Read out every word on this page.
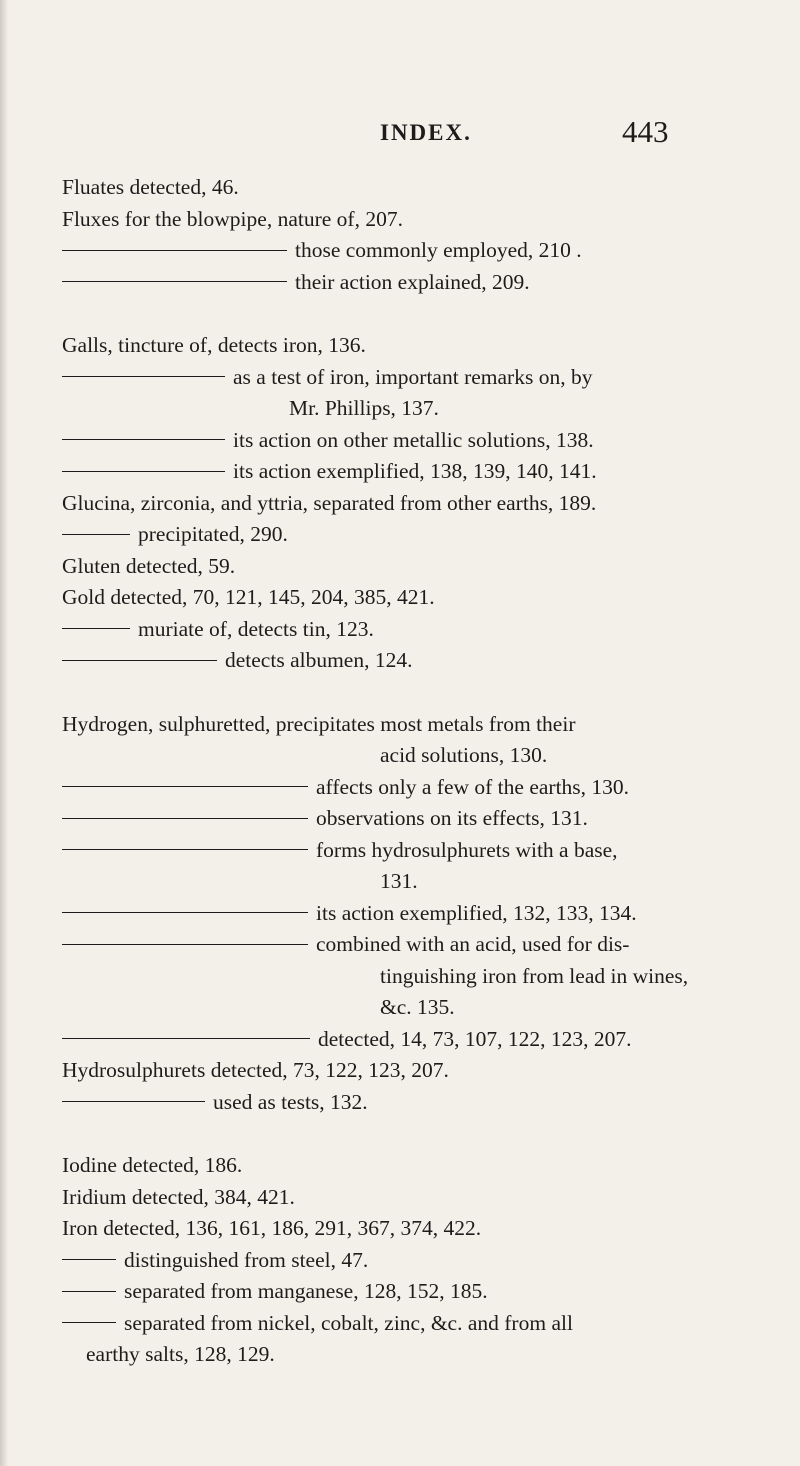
INDEX.	443
Fluates detected, 46.
Fluxes for the blowpipe, nature of, 207.
those commonly employed, 210 .
their action explained, 209.
Galls, tincture of, detects iron, 136.
as a test of iron, important remarks on, by
Mr. Phillips, 137.
its action on other metallic solutions, 138.
its action exemplified, 138, 139, 140, 141.
Glucina, zirconia, and yttria, separated from other earths, 189.
precipitated, 290.
Gluten detected, 59.
Gold detected, 70, 121, 145, 204, 385, 421.
muriate of, detects tin, 123.
detects albumen, 124.
Hydrogen, sulphuretted, precipitates most metals from their
acid solutions, 130.
affects only a few of the earths, 130.
observations on its effects, 131.
forms hydrosulphurets with a base,
131.
its action exemplified, 132, 133, 134.
combined with an acid, used for dis-
tinguishing iron from lead in wines,
&c. 135.
detected, 14, 73, 107, 122, 123, 207.
Hydrosulphurets detected, 73, 122, 123, 207.
used as tests, 132.
Iodine detected, 186.
Iridium detected, 384, 421.
Iron detected, 136, 161, 186, 291, 367, 374, 422.
distinguished from steel, 47.
separated from manganese, 128, 152, 185.
separated from nickel, cobalt, zinc, &c. and from all
earthy salts, 128, 129.
